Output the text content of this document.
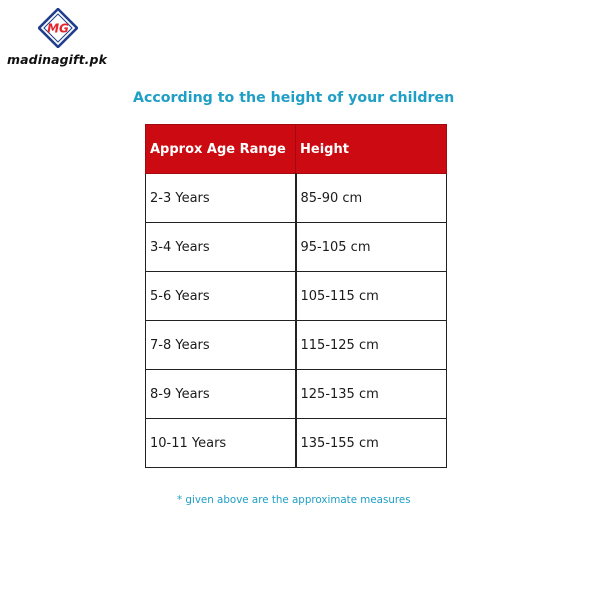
MG
madinagift.pk
According to the height of your children
Approx Age Range	Height
2-3 Years	85-90 cm
3-4 Years	95-105 cm
5-6 Years	105-115 cm
7-8 Years	115-125 cm
8-9 Years	125-135 cm
10-11 Years	135-155 cm
* given above are the approximate measures
